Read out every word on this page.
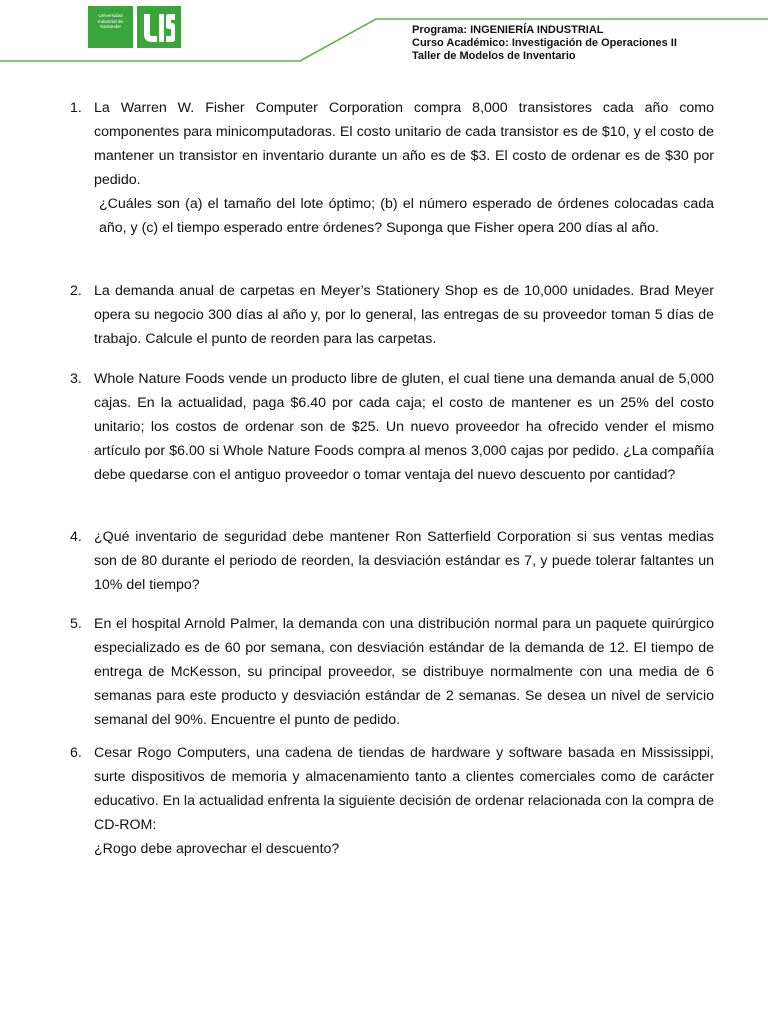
Universidad
Industrial de
Santander	Programa: INGENIERÍA INDUSTRIAL
Curso Académico: Investigación de Operaciones II
Taller de Modelos de Inventario
1. La Warren W. Fisher Computer Corporation compra 8,000 transistores cada año como componentes para minicomputadoras. El costo unitario de cada transistor es de $10, y el costo de mantener un transistor en inventario durante un año es de $3. El costo de ordenar es de $30 por pedido.

¿Cuáles son (a) el tamaño del lote óptimo; (b) el número esperado de órdenes colocadas cada año, y (c) el tiempo esperado entre órdenes? Suponga que Fisher opera 200 días al año.

2. La demanda anual de carpetas en Meyer’s Stationery Shop es de 10,000 unidades. Brad Meyer opera su negocio 300 días al año y, por lo general, las entregas de su proveedor toman 5 días de trabajo. Calcule el punto de reorden para las carpetas.

3. Whole Nature Foods vende un producto libre de gluten, el cual tiene una demanda anual de 5,000 cajas. En la actualidad, paga $6.40 por cada caja; el costo de mantener es un 25% del costo unitario; los costos de ordenar son de $25. Un nuevo proveedor ha ofrecido vender el mismo artículo por $6.00 si Whole Nature Foods compra al menos 3,000 cajas por pedido. ¿La compañía debe quedarse con el antiguo proveedor o tomar ventaja del nuevo descuento por cantidad?

4. ¿Qué inventario de seguridad debe mantener Ron Satterfield Corporation si sus ventas medias son de 80 durante el periodo de reorden, la desviación estándar es 7, y puede tolerar faltantes un 10% del tiempo?

5. En el hospital Arnold Palmer, la demanda con una distribución normal para un paquete quirúrgico especializado es de 60 por semana, con desviación estándar de la demanda de 12. El tiempo de entrega de McKesson, su principal proveedor, se distribuye normalmente con una media de 6 semanas para este producto y desviación estándar de 2 semanas. Se desea un nivel de servicio semanal del 90%. Encuentre el punto de pedido.

6. Cesar Rogo Computers, una cadena de tiendas de hardware y software basada en Mississippi, surte dispositivos de memoria y almacenamiento tanto a clientes comerciales como de carácter educativo. En la actualidad enfrenta la siguiente decisión de ordenar relacionada con la compra de CD-ROM:

¿Rogo debe aprovechar el descuento?
